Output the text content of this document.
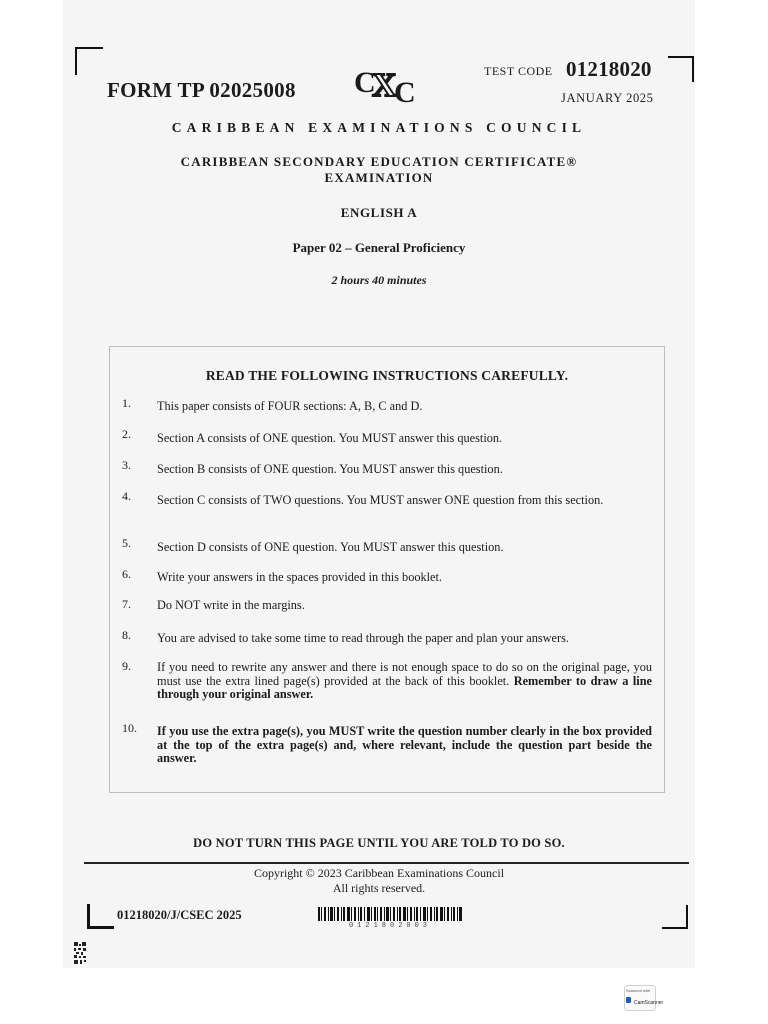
FORM TP 02025008 C
X
C
TEST CODE 01218020
JANUARY 2025
CARIBBEAN EXAMINATIONS COUNCIL
CARIBBEAN SECONDARY EDUCATION CERTIFICATE®
EXAMINATION
ENGLISH A
Paper 02 – General Proficiency
2 hours 40 minutes
READ THE FOLLOWING INSTRUCTIONS CAREFULLY.
1. This paper consists of FOUR sections: A, B, C and D.
2. Section A consists of ONE question. You MUST answer this question.
3. Section B consists of ONE question. You MUST answer this question.
4. Section C consists of TWO questions. You MUST answer ONE question from this section.
5. Section D consists of ONE question. You MUST answer this question.
6. Write your answers in the spaces provided in this booklet.
7. Do NOT write in the margins.
8. You are advised to take some time to read through the paper and plan your answers.
9. If you need to rewrite any answer and there is not enough space to do so on the original page, you must use the extra lined page(s) provided at the back of this booklet. Remember to draw a line through your original answer.
10. If you use the extra page(s), you MUST write the question number clearly in the box provided at the top of the extra page(s) and, where relevant, include the question part beside the answer.
DO NOT TURN THIS PAGE UNTIL YOU ARE TOLD TO DO SO.
Copyright © 2023 Caribbean Examinations Council
All rights reserved.
01218020/J/CSEC 2025
0121802003
Scanned with
CamScanner
